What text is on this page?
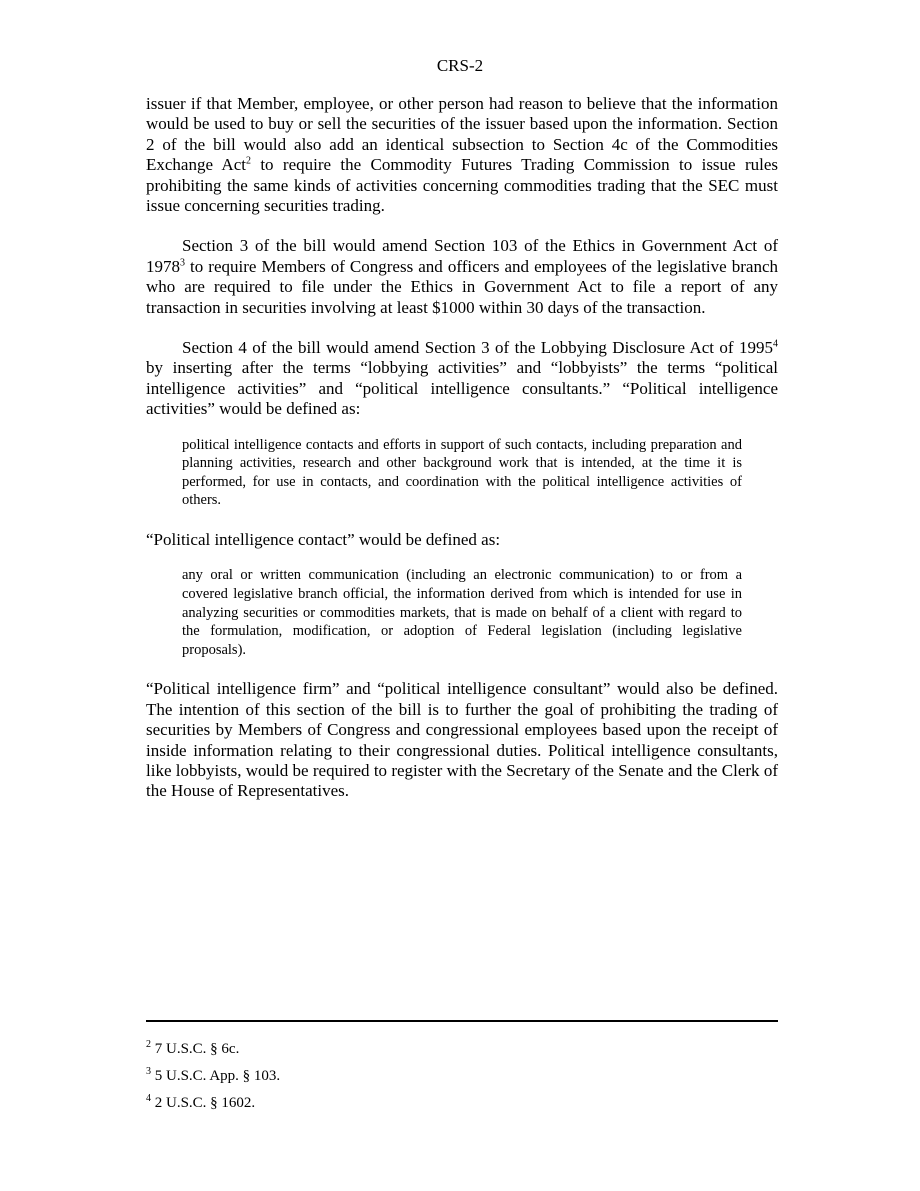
CRS-2

issuer if that Member, employee, or other person had reason to believe that the information would be used to buy or sell the securities of the issuer based upon the information. Section 2 of the bill would also add an identical subsection to Section 4c of the Commodities Exchange Act$^2$ to require the Commodity Futures Trading Commission to issue rules prohibiting the same kinds of activities concerning commodities trading that the SEC must issue concerning securities trading.

Section 3 of the bill would amend Section 103 of the Ethics in Government Act of 1978$^3$ to require Members of Congress and officers and employees of the legislative branch who are required to file under the Ethics in Government Act to file a report of any transaction in securities involving at least $1000 within 30 days of the transaction.

Section 4 of the bill would amend Section 3 of the Lobbying Disclosure Act of 1995$^4$ by inserting after the terms “lobbying activities” and “lobbyists” the terms “political intelligence activities” and “political intelligence consultants.” “Political intelligence activities” would be defined as:

political intelligence contacts and efforts in support of such contacts, including preparation and planning activities, research and other background work that is intended, at the time it is performed, for use in contacts, and coordination with the political intelligence activities of others.

“Political intelligence contact” would be defined as:

any oral or written communication (including an electronic communication) to or from a covered legislative branch official, the information derived from which is intended for use in analyzing securities or commodities markets, that is made on behalf of a client with regard to the formulation, modification, or adoption of Federal legislation (including legislative proposals).

“Political intelligence firm” and “political intelligence consultant” would also be defined. The intention of this section of the bill is to further the goal of prohibiting the trading of securities by Members of Congress and congressional employees based upon the receipt of inside information relating to their congressional duties. Political intelligence consultants, like lobbyists, would be required to register with the Secretary of the Senate and the Clerk of the House of Representatives.

$^2$ 7 U.S.C. § 6c.

$^3$ 5 U.S.C. App. § 103.

$^4$ 2 U.S.C. § 1602.
